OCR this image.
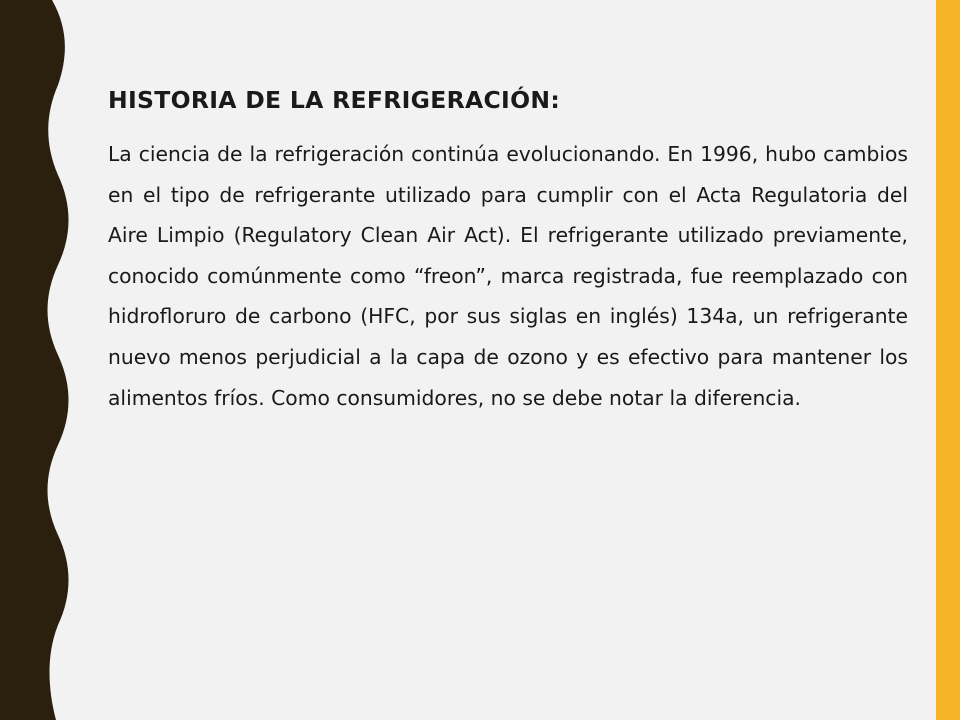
HISTORIA DE LA REFRIGERACIÓN:

La ciencia de la refrigeración continúa evolucionando. En 1996, hubo cambios en el tipo de refrigerante utilizado para cumplir con el Acta Regulatoria del Aire Limpio (Regulatory Clean Air Act). El refrigerante utilizado previamente, conocido comúnmente como “freon”, marca registrada, fue reemplazado con hidrofloruro de carbono (HFC, por sus siglas en inglés) 134a, un refrigerante nuevo menos perjudicial a la capa de ozono y es efectivo para mantener los alimentos fríos. Como consumidores, no se debe notar la diferencia.
